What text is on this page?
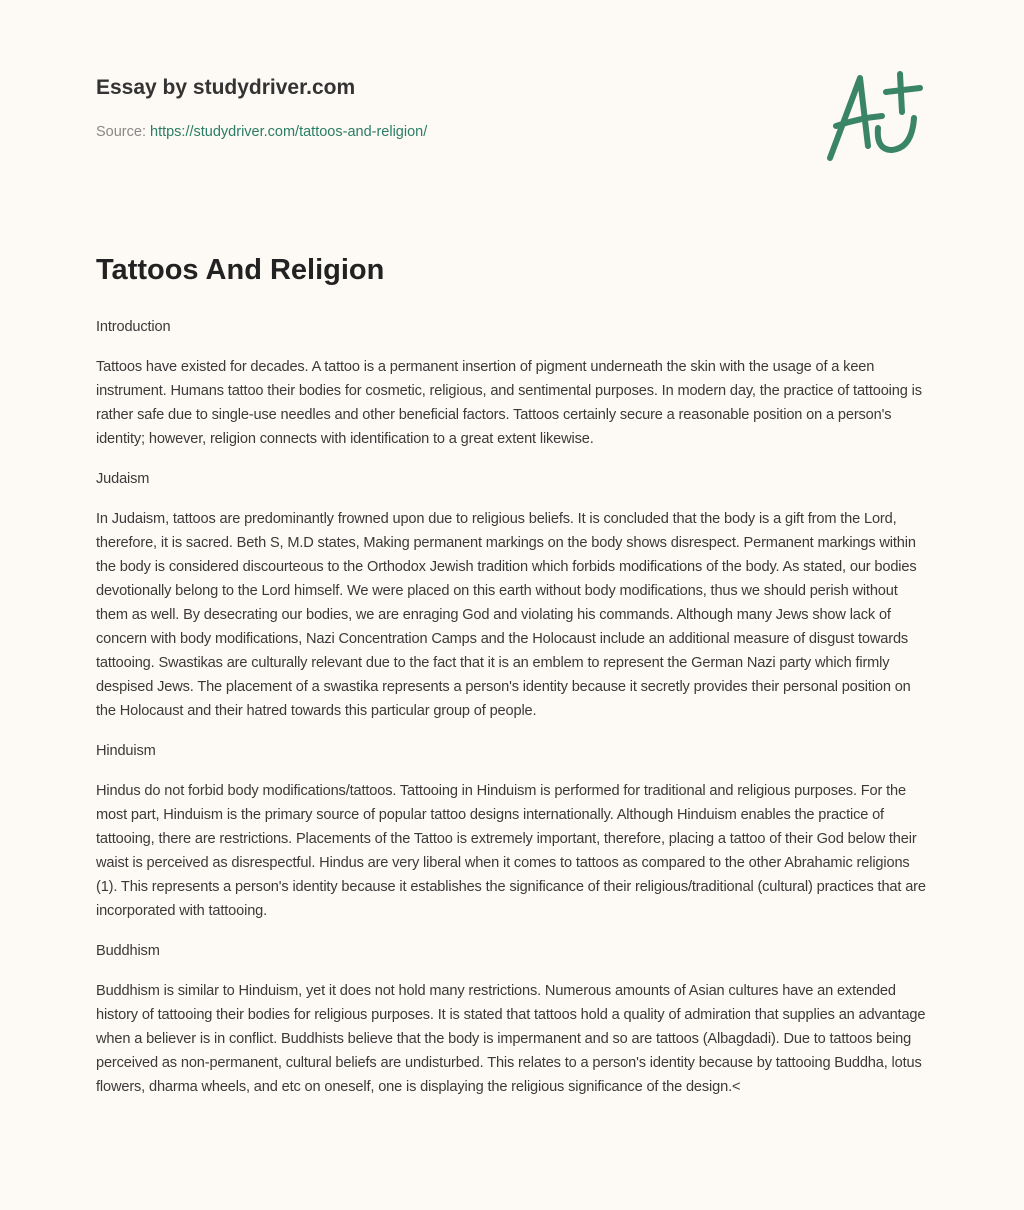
Essay by studydriver.com
Source: https://studydriver.com/tattoos-and-religion/
Tattoos And Religion

Introduction

Tattoos have existed for decades. A tattoo is a permanent insertion of pigment underneath the skin with the usage of a keen instrument. Humans tattoo their bodies for cosmetic, religious, and sentimental purposes. In modern day, the practice of tattooing is rather safe due to single-use needles and other beneficial factors. Tattoos certainly secure a reasonable position on a person's identity; however, religion connects with identification to a great extent likewise.

Judaism

In Judaism, tattoos are predominantly frowned upon due to religious beliefs. It is concluded that the body is a gift from the Lord, therefore, it is sacred. Beth S, M.D states, Making permanent markings on the body shows disrespect. Permanent markings within the body is considered discourteous to the Orthodox Jewish tradition which forbids modifications of the body. As stated, our bodies devotionally belong to the Lord himself. We were placed on this earth without body modifications, thus we should perish without them as well. By desecrating our bodies, we are enraging God and violating his commands. Although many Jews show lack of concern with body modifications, Nazi Concentration Camps and the Holocaust include an additional measure of disgust towards tattooing. Swastikas are culturally relevant due to the fact that it is an emblem to represent the German Nazi party which firmly despised Jews. The placement of a swastika represents a person's identity because it secretly provides their personal position on the Holocaust and their hatred towards this particular group of people.

Hinduism

Hindus do not forbid body modifications/tattoos. Tattooing in Hinduism is performed for traditional and religious purposes. For the most part, Hinduism is the primary source of popular tattoo designs internationally. Although Hinduism enables the practice of tattooing, there are restrictions. Placements of the Tattoo is extremely important, therefore, placing a tattoo of their God below their waist is perceived as disrespectful. Hindus are very liberal when it comes to tattoos as compared to the other Abrahamic religions (1). This represents a person's identity because it establishes the significance of their religious/traditional (cultural) practices that are incorporated with tattooing.

Buddhism

Buddhism is similar to Hinduism, yet it does not hold many restrictions. Numerous amounts of Asian cultures have an extended history of tattooing their bodies for religious purposes. It is stated that tattoos hold a quality of admiration that supplies an advantage when a believer is in conflict. Buddhists believe that the body is impermanent and so are tattoos (Albagdadi). Due to tattoos being perceived as non-permanent, cultural beliefs are undisturbed. This relates to a person's identity because by tattooing Buddha, lotus flowers, dharma wheels, and etc on oneself, one is displaying the religious significance of the design.<
